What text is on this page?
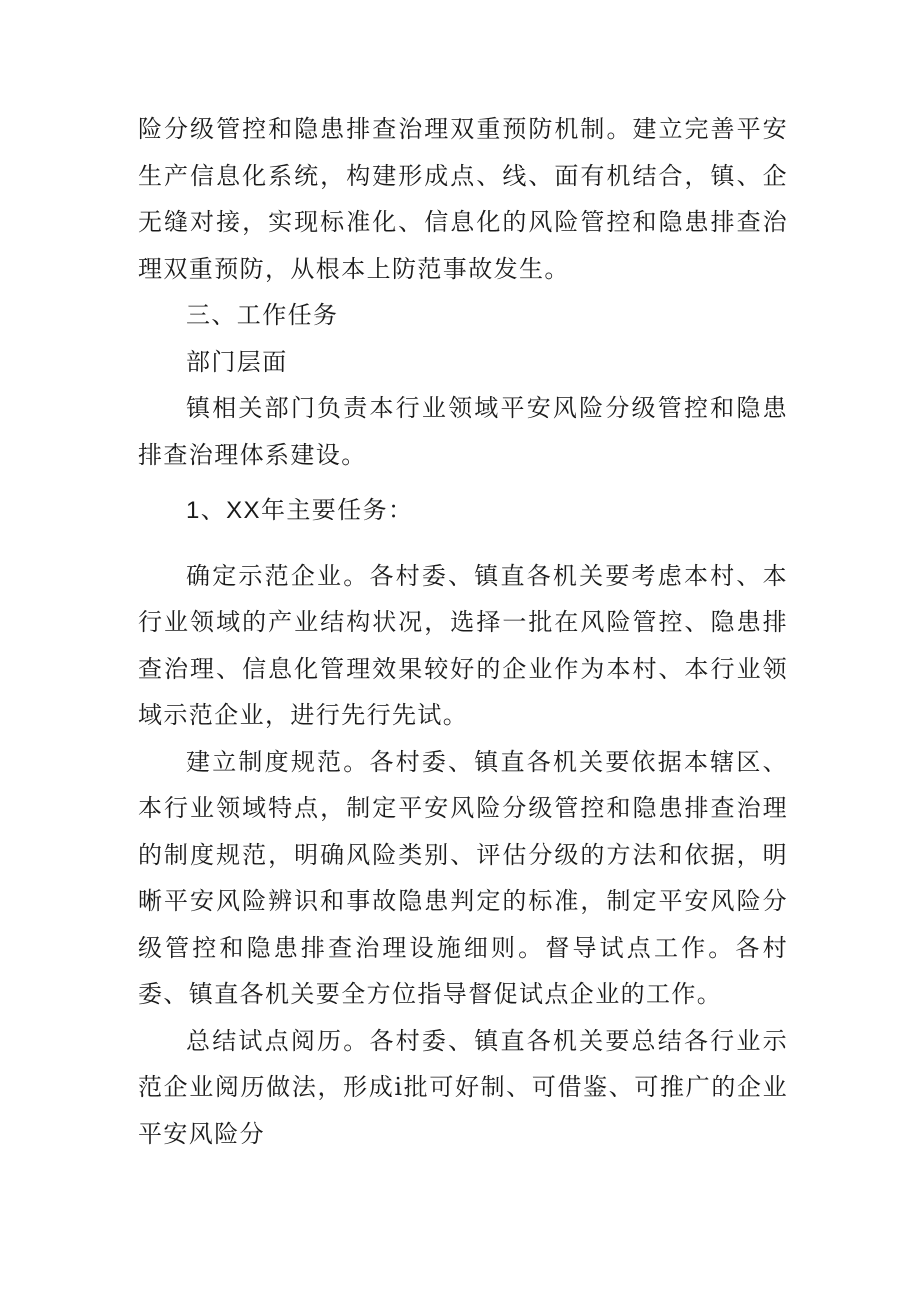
险分级管控和隐患排查治理双重预防机制。建立完善平安生产信息化系统，构建形成点、线、面有机结合，镇、企无缝对接，实现标准化、信息化的风险管控和隐患排查治理双重预防，从根本上防范事故发生。

三、工作任务

部门层面

镇相关部门负责本行业领域平安风险分级管控和隐患排查治理体系建设。

1、XX年主要任务：

确定示范企业。各村委、镇直各机关要考虑本村、本行业领域的产业结构状况，选择一批在风险管控、隐患排查治理、信息化管理效果较好的企业作为本村、本行业领域示范企业，进行先行先试。

建立制度规范。各村委、镇直各机关要依据本辖区、本行业领域特点，制定平安风险分级管控和隐患排查治理的制度规范，明确风险类别、评估分级的方法和依据，明晰平安风险辨识和事故隐患判定的标准，制定平安风险分级管控和隐患排查治理设施细则。督导试点工作。各村委、镇直各机关要全方位指导督促试点企业的工作。

总结试点阅历。各村委、镇直各机关要总结各行业示范企业阅历做法，形成i批可好制、可借鉴、可推广的企业平安风险分
